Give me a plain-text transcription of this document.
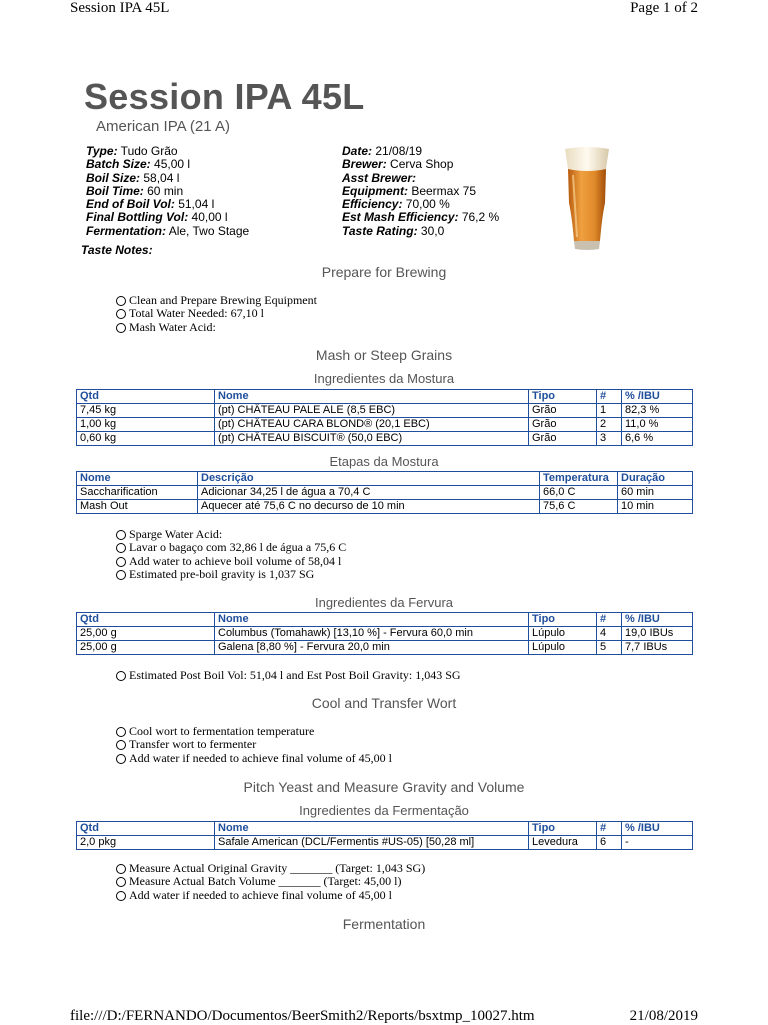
Session IPA 45L	Page 1 of 2
file:///D:/FERNANDO/Documentos/BeerSmith2/Reports/bsxtmp_10027.htm	21/08/2019
Session IPA 45L
American IPA (21 A)
Type: Tudo Grão
Batch Size: 45,00 l
Boil Size: 58,04 l
Boil Time: 60 min
End of Boil Vol: 51,04 l
Final Bottling Vol: 40,00 l
Fermentation: Ale, Two Stage
Date: 21/08/19
Brewer: Cerva Shop
Asst Brewer:
Equipment: Beermax 75
Efficiency: 70,00 %
Est Mash Efficiency: 76,2 %
Taste Rating: 30,0
Taste Notes:
Prepare for Brewing
Clean and Prepare Brewing Equipment
Total Water Needed: 67,10 l
Mash Water Acid:
Mash or Steep Grains
Ingredientes da Mostura
Qtd	Nome	Tipo	#	% /IBU
7,45 kg	(pt) CHÂTEAU PALE ALE (8,5 EBC)	Grão	1	82,3 %
1,00 kg	(pt) CHÂTEAU CARA BLOND® (20,1 EBC)	Grão	2	11,0 %
0,60 kg	(pt) CHÂTEAU BISCUIT® (50,0 EBC)	Grão	3	6,6 %
Etapas da Mostura
Nome	Descrição	Temperatura	Duração
Saccharification	Adicionar 34,25 l de água a 70,4 C	66,0 C	60 min
Mash Out	Aquecer até 75,6 C no decurso de 10 min	75,6 C	10 min
Sparge Water Acid:
Lavar o bagaço com 32,86 l de água a 75,6 C
Add water to achieve boil volume of 58,04 l
Estimated pre-boil gravity is 1,037 SG
Ingredientes da Fervura
Qtd	Nome	Tipo	#	% /IBU
25,00 g	Columbus (Tomahawk) [13,10 %] - Fervura 60,0 min	Lúpulo	4	19,0 IBUs
25,00 g	Galena [8,80 %] - Fervura 20,0 min	Lúpulo	5	7,7 IBUs
Estimated Post Boil Vol: 51,04 l and Est Post Boil Gravity: 1,043 SG
Cool and Transfer Wort
Cool wort to fermentation temperature
Transfer wort to fermenter
Add water if needed to achieve final volume of 45,00 l
Pitch Yeast and Measure Gravity and Volume
Ingredientes da Fermentação
Qtd	Nome	Tipo	#	% /IBU
2,0 pkg	Safale American (DCL/Fermentis #US-05) [50,28 ml]	Levedura	6	-
Measure Actual Original Gravity _______ (Target: 1,043 SG)
Measure Actual Batch Volume _______ (Target: 45,00 l)
Add water if needed to achieve final volume of 45,00 l
Fermentation
